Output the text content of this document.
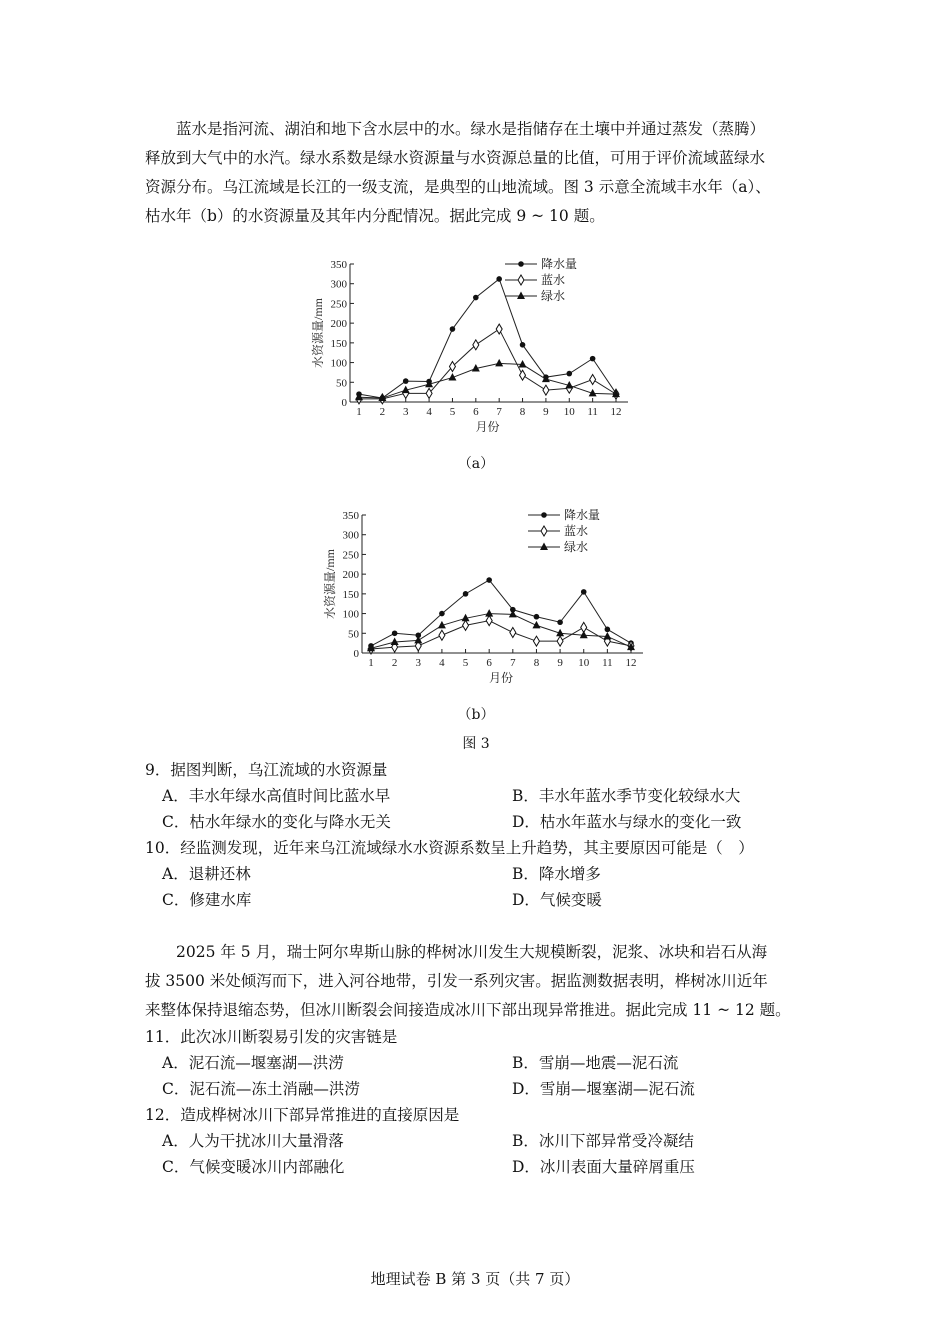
蓝水是指河流、湖泊和地下含水层中的水。绿水是指储存在土壤中并通过蒸发（蒸腾）
释放到大气中的水汽。绿水系数是绿水资源量与水资源总量的比值，可用于评价流域蓝绿水
资源分布。乌江流域是长江的一级支流，是典型的山地流域。图 3 示意全流域丰水年（a）、
枯水年（b）的水资源量及其年内分配情况。据此完成 9 ~ 10 题。
0
50
100
150
200
250
300
350
1 2 3 4 5 6 7 8 9 10 11 12
月份
水资源量/mm
降水量
蓝水
绿水
（a）
0
50
100
150
200
250
300
350
1 2 3 4 5 6 7 8 9 10 11 12
月份
水资源量/mm
降水量
蓝水
绿水
（b）
图 3
9．据图判断，乌江流域的水资源量
A．丰水年绿水高值时间比蓝水早	B．丰水年蓝水季节变化较绿水大
C．枯水年绿水的变化与降水无关	D．枯水年蓝水与绿水的变化一致
10．经监测发现，近年来乌江流域绿水水资源系数呈上升趋势，其主要原因可能是（　）
A．退耕还林	B．降水增多
C．修建水库	D．气候变暖
2025 年 5 月，瑞士阿尔卑斯山脉的桦树冰川发生大规模断裂，泥浆、冰块和岩石从海
拔 3500 米处倾泻而下，进入河谷地带，引发一系列灾害。据监测数据表明，桦树冰川近年
来整体保持退缩态势，但冰川断裂会间接造成冰川下部出现异常推进。据此完成 11 ~ 12 题。
11．此次冰川断裂易引发的灾害链是
A．泥石流—堰塞湖—洪涝	B．雪崩—地震—泥石流
C．泥石流—冻土消融—洪涝	D．雪崩—堰塞湖—泥石流
12．造成桦树冰川下部异常推进的直接原因是
A．人为干扰冰川大量滑落	B．冰川下部异常受冷凝结
C．气候变暖冰川内部融化	D．冰川表面大量碎屑重压
地理试卷 B 第 3 页（共 7 页）
